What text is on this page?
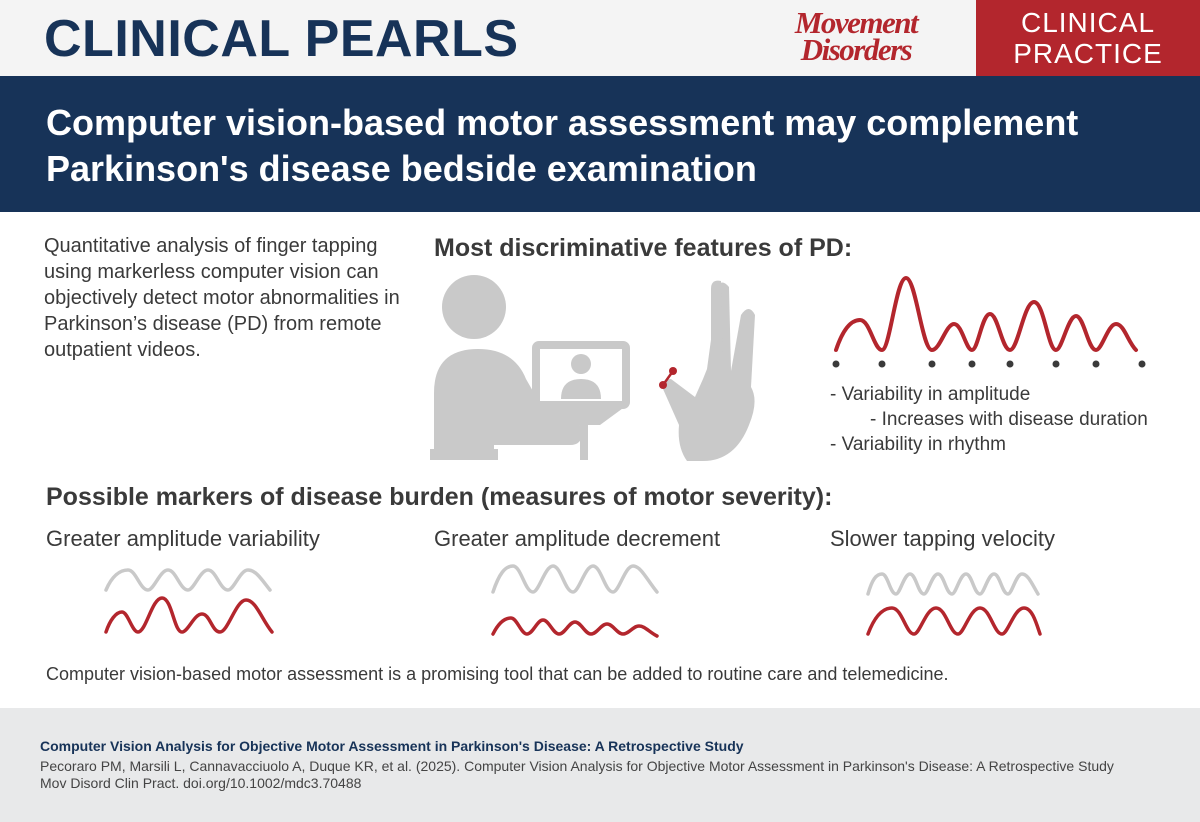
CLINICAL PEARLS	Movement
Disorders
CLINICAL
PRACTICE
Computer vision-based motor assessment may complement Parkinson's disease bedside examination
Quantitative analysis of finger tapping using markerless computer vision can objectively detect motor abnormalities in Parkinson’s disease (PD) from remote outpatient videos.
Most discriminative features of PD:
- Variability in amplitude
- Increases with disease duration
- Variability in rhythm
Possible markers of disease burden (measures of motor severity):
Greater amplitude variability	Greater amplitude decrement	Slower tapping velocity
Computer vision-based motor assessment is a promising tool that can be added to routine care and telemedicine.
Computer Vision Analysis for Objective Motor Assessment in Parkinson's Disease: A Retrospective Study
Pecoraro PM, Marsili L, Cannavacciuolo A, Duque KR, et al. (2025). Computer Vision Analysis for Objective Motor Assessment in Parkinson's Disease: A Retrospective Study
Mov Disord Clin Pract. doi.org/10.1002/mdc3.70488
